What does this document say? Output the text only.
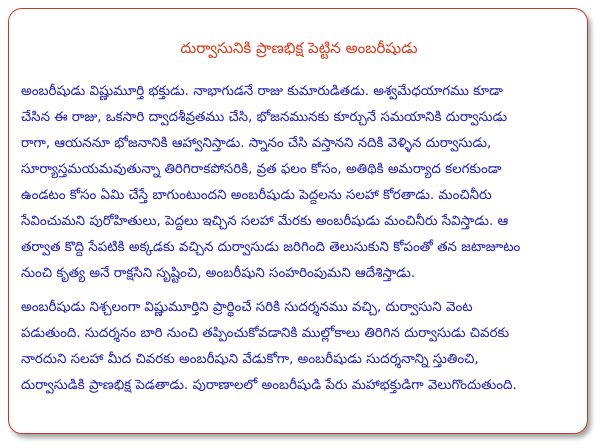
దుర్వాసునికి ప్రాణభిక్ష పెట్టిన అంబరీషుడు

అంబరీషుడు విష్ణుమూర్తి భక్తుడు. నాభాగుడనే రాజు కుమారుడితడు. అశ్వమేధయాగము కూడా
చేసిన ఈ రాజు, ఒకసారి ద్వాదశీవ్రతము చేసి, భోజనమునకు కూర్చునే సమయానికి దుర్వాసుడు
రాగా, ఆయననూ భోజనానికి ఆహ్వానిస్తాడు. స్నానం చేసి వస్తానని నదికి వెళ్ళిన దుర్వాసుడు,
సూర్యాస్తమయమవుతున్నా తిరిగిరాకపోసరికి, వ్రత ఫలం కోసం, అతిథికి అమర్యాద కలగకుండా
ఉండటం కోసం ఏమి చేస్తే బాగుంటుందని అంబరీషుడు పెద్దలను సలహా కోరతాడు. మంచినీరు
సేవించుమని పురోహితులు, పెద్దలు ఇచ్చిన సలహా మేరకు అంబరీషుడు మంచినీరు సేవిస్తాడు. ఆ
తర్వాత కొద్ది సేపటికి అక్కడకు వచ్చిన దుర్వాసుడు జరిగింది తెలుసుకుని కోపంతో తన జటాజూటం
నుంచి కృత్య అనే రాక్షసిని సృష్టించి, అంబరీషుని సంహరింపుమని ఆదేశిస్తాడు.

అంబరీషుడు నిశ్చలంగా విష్ణుమూర్తిని ప్రార్థించే సరికి సుదర్శనము వచ్చి, దుర్వాసుని వెంట
పడుతుంది. సుదర్శనం బారి నుంచి తప్పించుకోవడానికి ముల్లోకాలు తిరిగిన దుర్వాసుడు చివరకు
నారదుని సలహా మీద చివరకు అంబరీషుని వేడుకోగా, అంబరీషుడు సుదర్శనాన్ని స్తుతించి,
దుర్వాసుడికి ప్రాణభిక్ష పెడతాడు. పురాణాలలో అంబరీషుడి పేరు మహాభక్తుడిగా వెలుగొందుతుంది.
